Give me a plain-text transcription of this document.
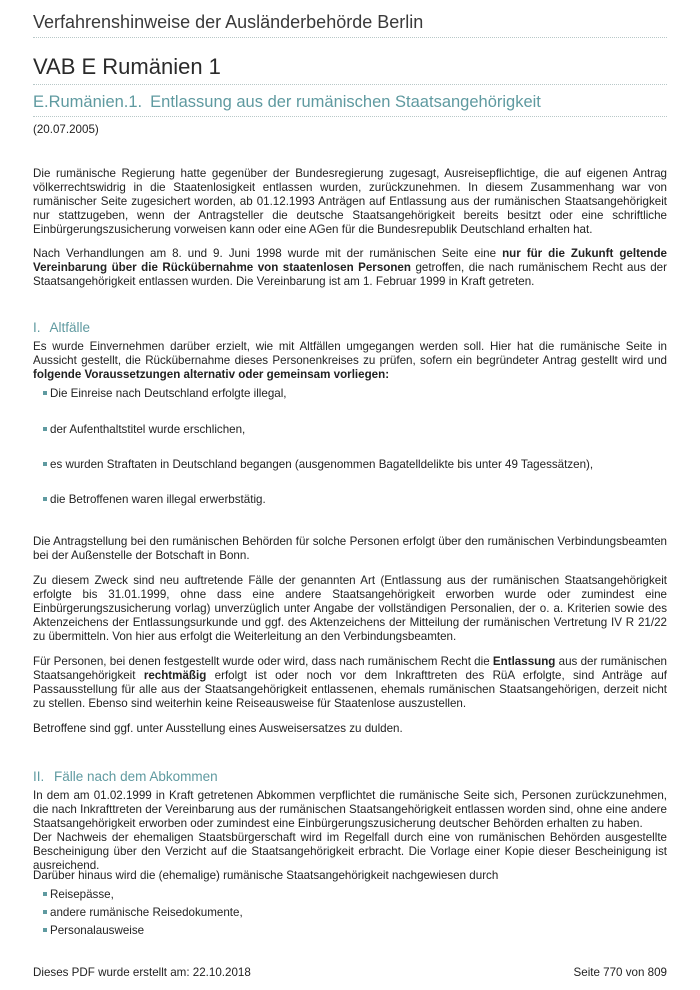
Verfahrenshinweise der Ausländerbehörde Berlin
VAB E Rumänien 1
E.Rumänien.1. Entlassung aus der rumänischen Staatsangehörigkeit
(20.07.2005)
Die rumänische Regierung hatte gegenüber der Bundesregierung zugesagt, Ausreisepflichtige, die auf eigenen Antrag völkerrechtswidrig in die Staatenlosigkeit entlassen wurden, zurückzunehmen. In diesem Zusammenhang war von rumänischer Seite zugesichert worden, ab 01.12.1993 Anträgen auf Entlassung aus der rumänischen Staatsangehörigkeit nur stattzugeben, wenn der Antragsteller die deutsche Staatsangehörigkeit bereits besitzt oder eine schriftliche Einbürgerungszusicherung vorweisen kann oder eine AGen für die Bundesrepublik Deutschland erhalten hat.
Nach Verhandlungen am 8. und 9. Juni 1998 wurde mit der rumänischen Seite eine nur für die Zukunft geltende Vereinbarung über die Rückübernahme von staatenlosen Personen getroffen, die nach rumänischem Recht aus der Staatsangehörigkeit entlassen wurden. Die Vereinbarung ist am 1. Februar 1999 in Kraft getreten.
I. Altfälle
Es wurde Einvernehmen darüber erzielt, wie mit Altfällen umgegangen werden soll. Hier hat die rumänische Seite in Aussicht gestellt, die Rückübernahme dieses Personenkreises zu prüfen, sofern ein begründeter Antrag gestellt wird und folgende Voraussetzungen alternativ oder gemeinsam vorliegen:
Die Einreise nach Deutschland erfolgte illegal,
der Aufenthaltstitel wurde erschlichen,
es wurden Straftaten in Deutschland begangen (ausgenommen Bagatelldelikte bis unter 49 Tagessätzen),
die Betroffenen waren illegal erwerbstätig.
Die Antragstellung bei den rumänischen Behörden für solche Personen erfolgt über den rumänischen Verbindungsbeamten bei der Außenstelle der Botschaft in Bonn.
Zu diesem Zweck sind neu auftretende Fälle der genannten Art (Entlassung aus der rumänischen Staatsangehörigkeit erfolgte bis 31.01.1999, ohne dass eine andere Staatsangehörigkeit erworben wurde oder zumindest eine Einbürgerungszusicherung vorlag) unverzüglich unter Angabe der vollständigen Personalien, der o. a. Kriterien sowie des Aktenzeichens der Entlassungsurkunde und ggf. des Aktenzeichens der Mitteilung der rumänischen Vertretung IV R 21/22 zu übermitteln. Von hier aus erfolgt die Weiterleitung an den Verbindungsbeamten.
Für Personen, bei denen festgestellt wurde oder wird, dass nach rumänischem Recht die Entlassung aus der rumänischen Staatsangehörigkeit rechtmäßig erfolgt ist oder noch vor dem Inkrafttreten des RüA erfolgte, sind Anträge auf Passausstellung für alle aus der Staatsangehörigkeit entlassenen, ehemals rumänischen Staatsangehörigen, derzeit nicht zu stellen. Ebenso sind weiterhin keine Reiseausweise für Staatenlose auszustellen.
Betroffene sind ggf. unter Ausstellung eines Ausweisersatzes zu dulden.
II. Fälle nach dem Abkommen
In dem am 01.02.1999 in Kraft getretenen Abkommen verpflichtet die rumänische Seite sich, Personen zurückzunehmen, die nach Inkrafttreten der Vereinbarung aus der rumänischen Staatsangehörigkeit entlassen worden sind, ohne eine andere Staatsangehörigkeit erworben oder zumindest eine Einbürgerungszusicherung deutscher Behörden erhalten zu haben.
Der Nachweis der ehemaligen Staatsbürgerschaft wird im Regelfall durch eine von rumänischen Behörden ausgestellte Bescheinigung über den Verzicht auf die Staatsangehörigkeit erbracht. Die Vorlage einer Kopie dieser Bescheinigung ist ausreichend.
Darüber hinaus wird die (ehemalige) rumänische Staatsangehörigkeit nachgewiesen durch
Reisepässe,
andere rumänische Reisedokumente,
Personalausweise
Dieses PDF wurde erstellt am: 22.10.2018	Seite 770 von 809
